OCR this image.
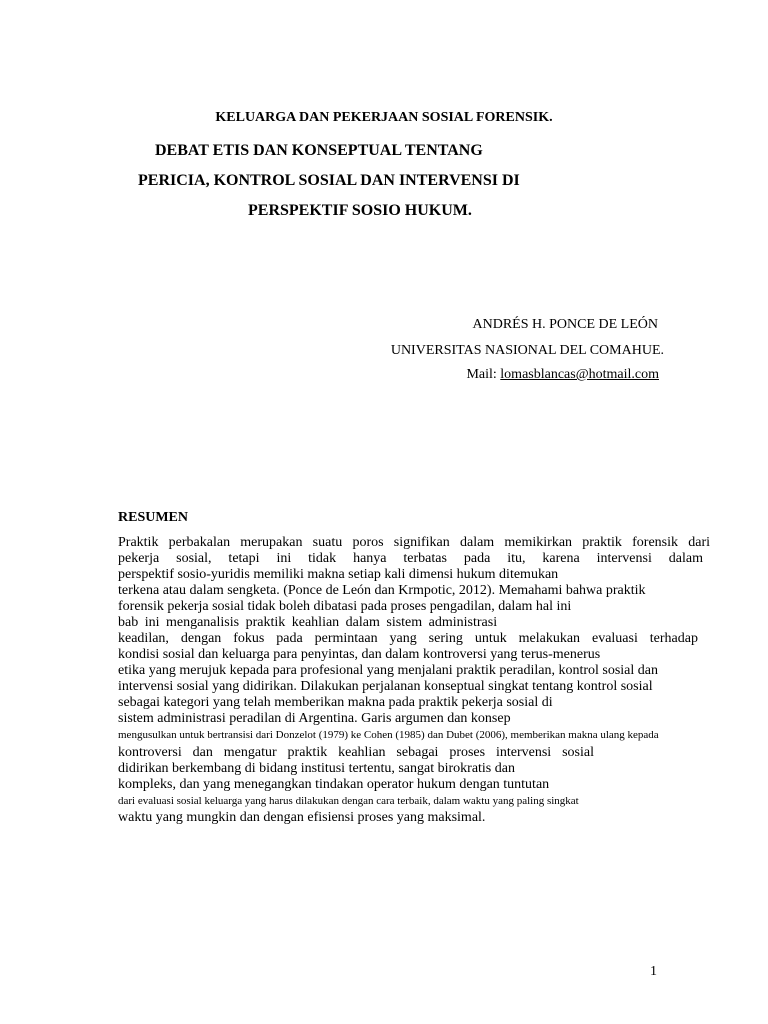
KELUARGA DAN PEKERJAAN SOSIAL FORENSIK.
DEBAT ETIS DAN KONSEPTUAL TENTANG
PERICIA, KONTROL SOSIAL DAN INTERVENSI DI
PERSPEKTIF SOSIO HUKUM.
ANDRÉS H. PONCE DE LEÓN
UNIVERSITAS NASIONAL DEL COMAHUE.
Mail: lomasblancas@hotmail.com
RESUMEN
Praktik perbakalan merupakan suatu poros signifikan dalam memikirkan praktik forensik dari
pekerja sosial, tetapi ini tidak hanya terbatas pada itu, karena intervensi dalam
perspektif sosio-yuridis memiliki makna setiap kali dimensi hukum ditemukan
terkena atau dalam sengketa. (Ponce de León dan Krmpotic, 2012). Memahami bahwa praktik
forensik pekerja sosial tidak boleh dibatasi pada proses pengadilan, dalam hal ini
bab ini menganalisis praktik keahlian dalam sistem administrasi
keadilan, dengan fokus pada permintaan yang sering untuk melakukan evaluasi terhadap
kondisi sosial dan keluarga para penyintas, dan dalam kontroversi yang terus-menerus
etika yang merujuk kepada para profesional yang menjalani praktik peradilan, kontrol sosial dan
intervensi sosial yang didirikan. Dilakukan perjalanan konseptual singkat tentang kontrol sosial
sebagai kategori yang telah memberikan makna pada praktik pekerja sosial di
sistem administrasi peradilan di Argentina. Garis argumen dan konsep
mengusulkan untuk bertransisi dari Donzelot (1979) ke Cohen (1985) dan Dubet (2006), memberikan makna ulang kepada
kontroversi dan mengatur praktik keahlian sebagai proses intervensi sosial
didirikan berkembang di bidang institusi tertentu, sangat birokratis dan
kompleks, dan yang menegangkan tindakan operator hukum dengan tuntutan
dari evaluasi sosial keluarga yang harus dilakukan dengan cara terbaik, dalam waktu yang paling singkat
waktu yang mungkin dan dengan efisiensi proses yang maksimal.
1
